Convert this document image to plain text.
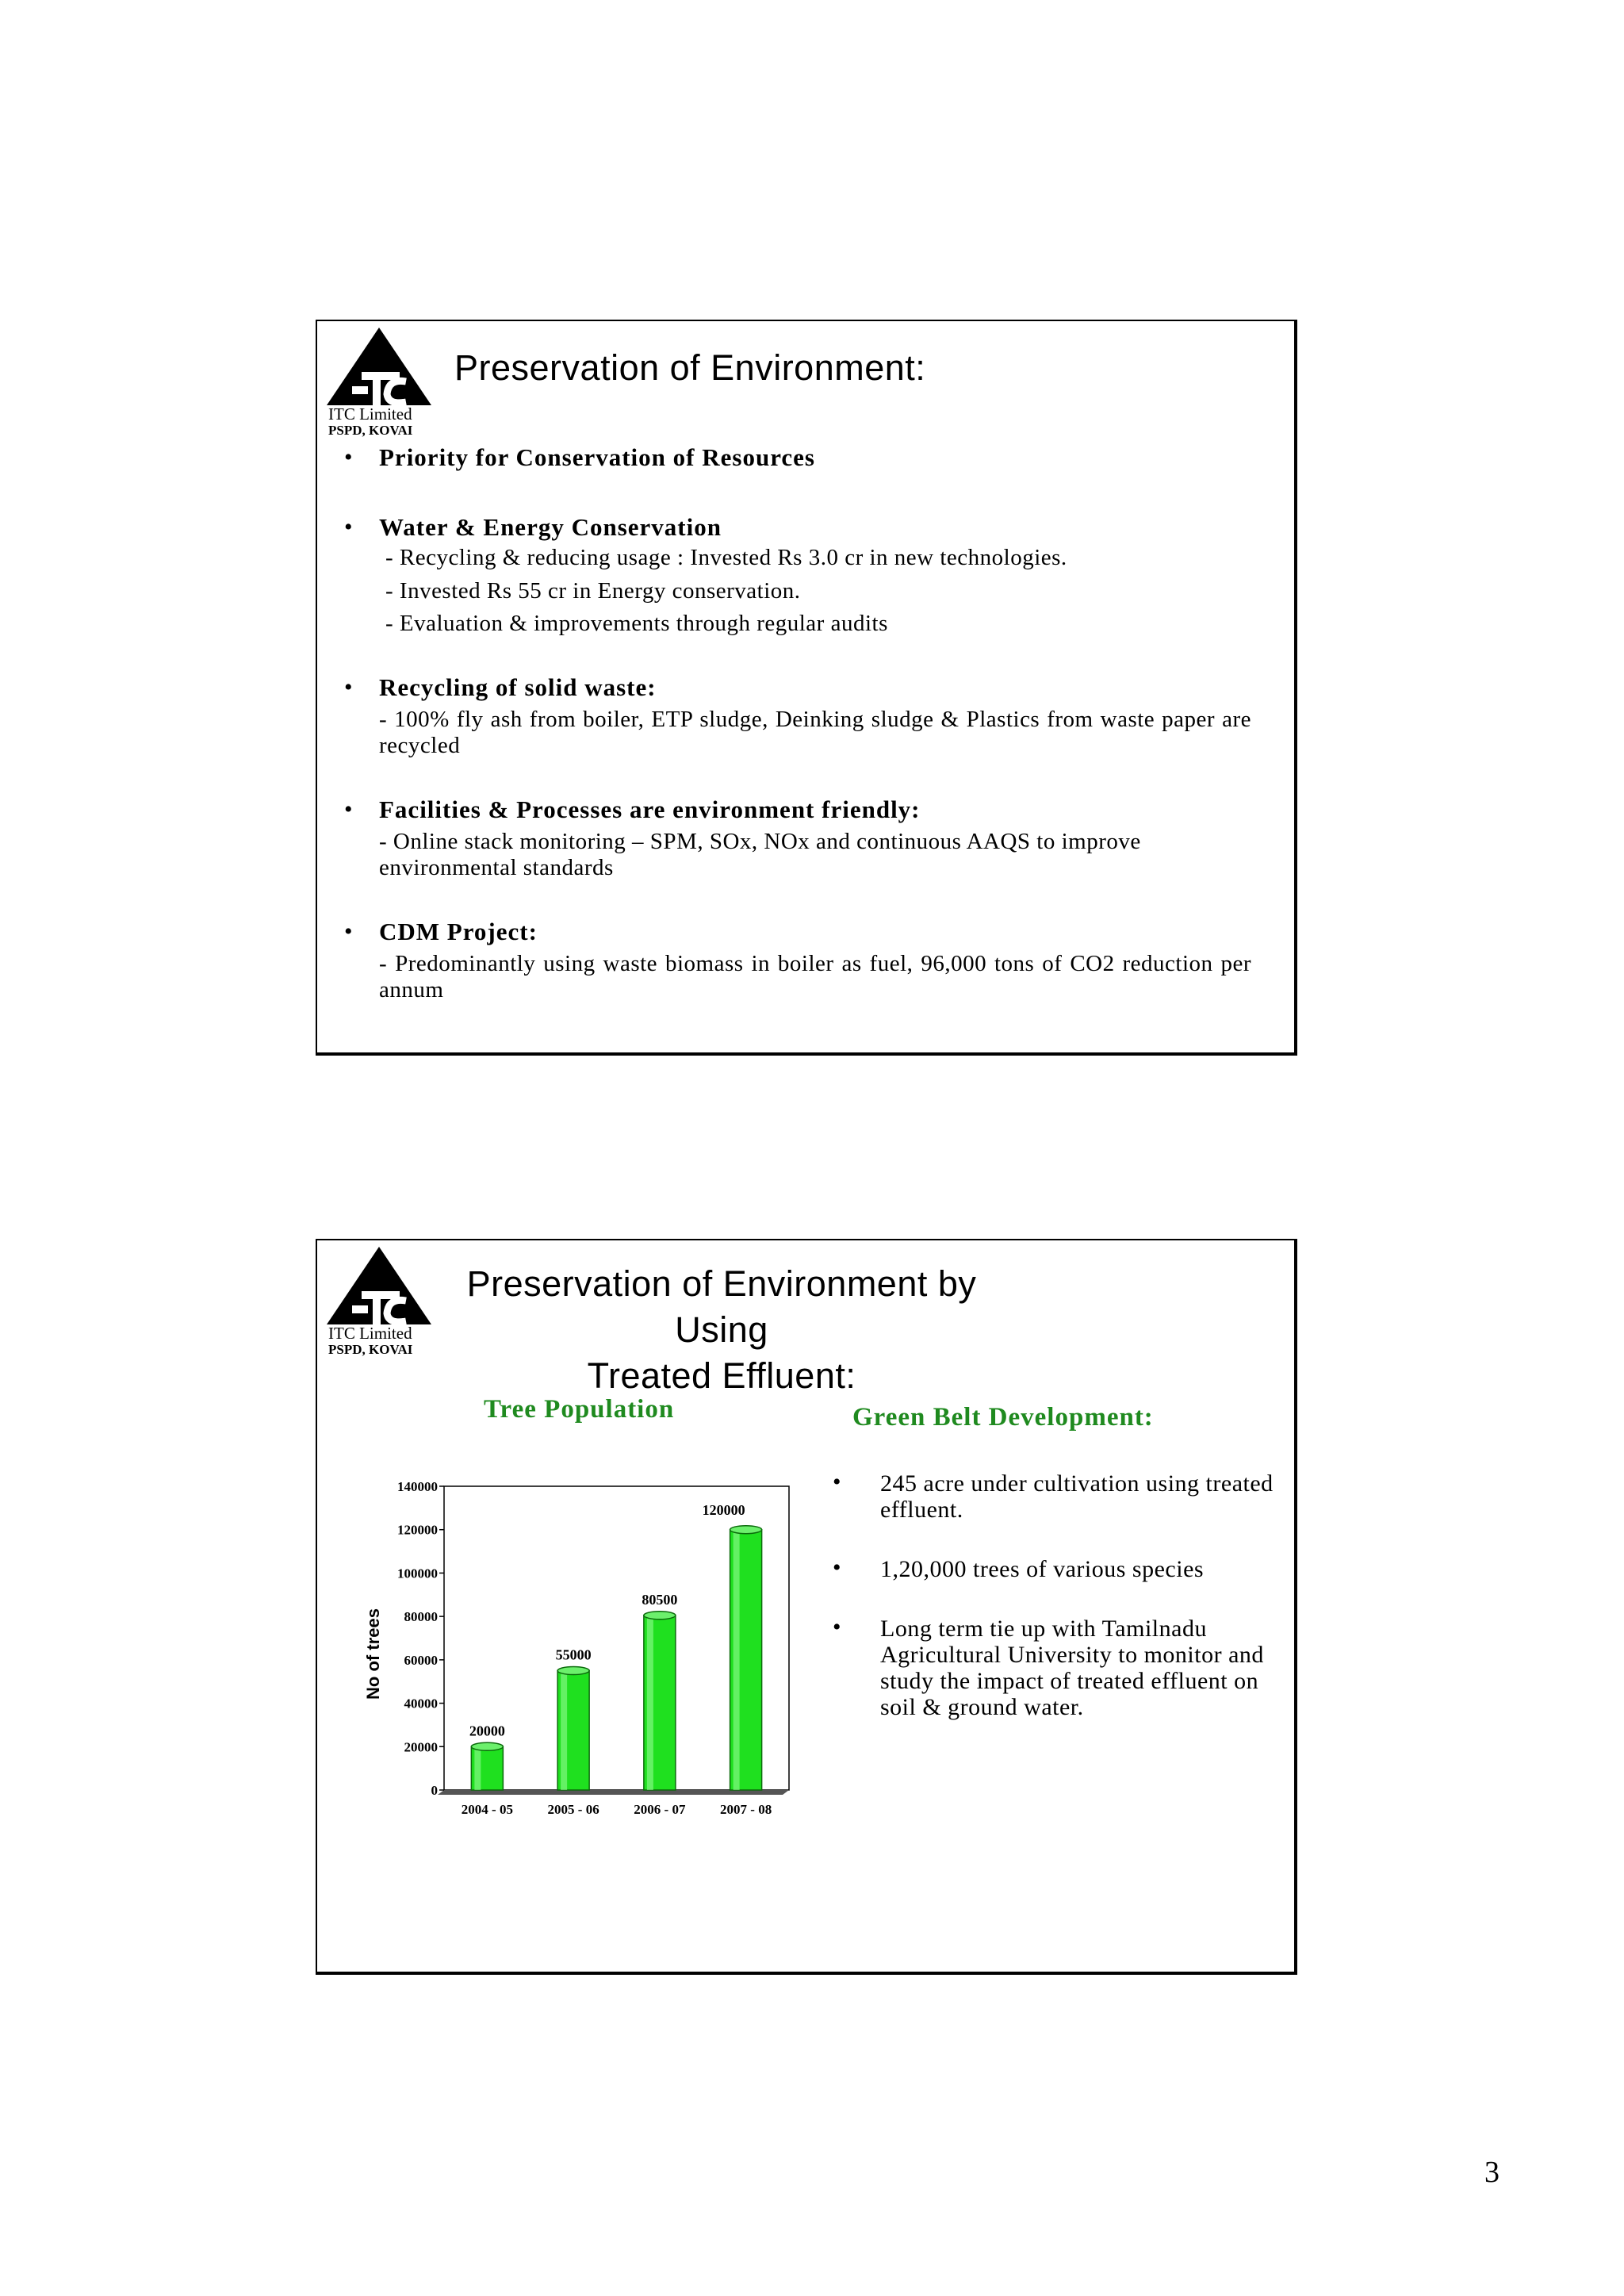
ITC Limited
PSPD, KOVAI
Preservation of Environment:
• Priority for Conservation of Resources
• Water & Energy Conservation
- Recycling & reducing usage : Invested Rs 3.0 cr in new technologies.
- Invested Rs 55 cr in Energy conservation.
- Evaluation & improvements through regular audits
• Recycling of solid waste:
- 100% fly ash from boiler, ETP sludge, Deinking sludge & Plastics from waste paper are recycled
• Facilities & Processes are environment friendly:
- Online stack monitoring – SPM, SOx, NOx and continuous AAQS to improve environmental standards
• CDM Project:
- Predominantly using waste biomass in boiler as fuel, 96,000 tons of CO2 reduction per annum
ITC Limited
PSPD, KOVAI
Preservation of Environment by Using
Treated Effluent:
Tree Population
0
20000
40000
60000
80000
100000
120000
140000
No of trees
20000
2004 - 05
55000
2005 - 06
80500
2006 - 07
120000
2007 - 08
Green Belt Development:
• 245 acre under cultivation using treated effluent.
• 1,20,000 trees of various species
• Long term tie up with Tamilnadu Agricultural University to monitor and study the impact of treated effluent on soil & ground water.
3
